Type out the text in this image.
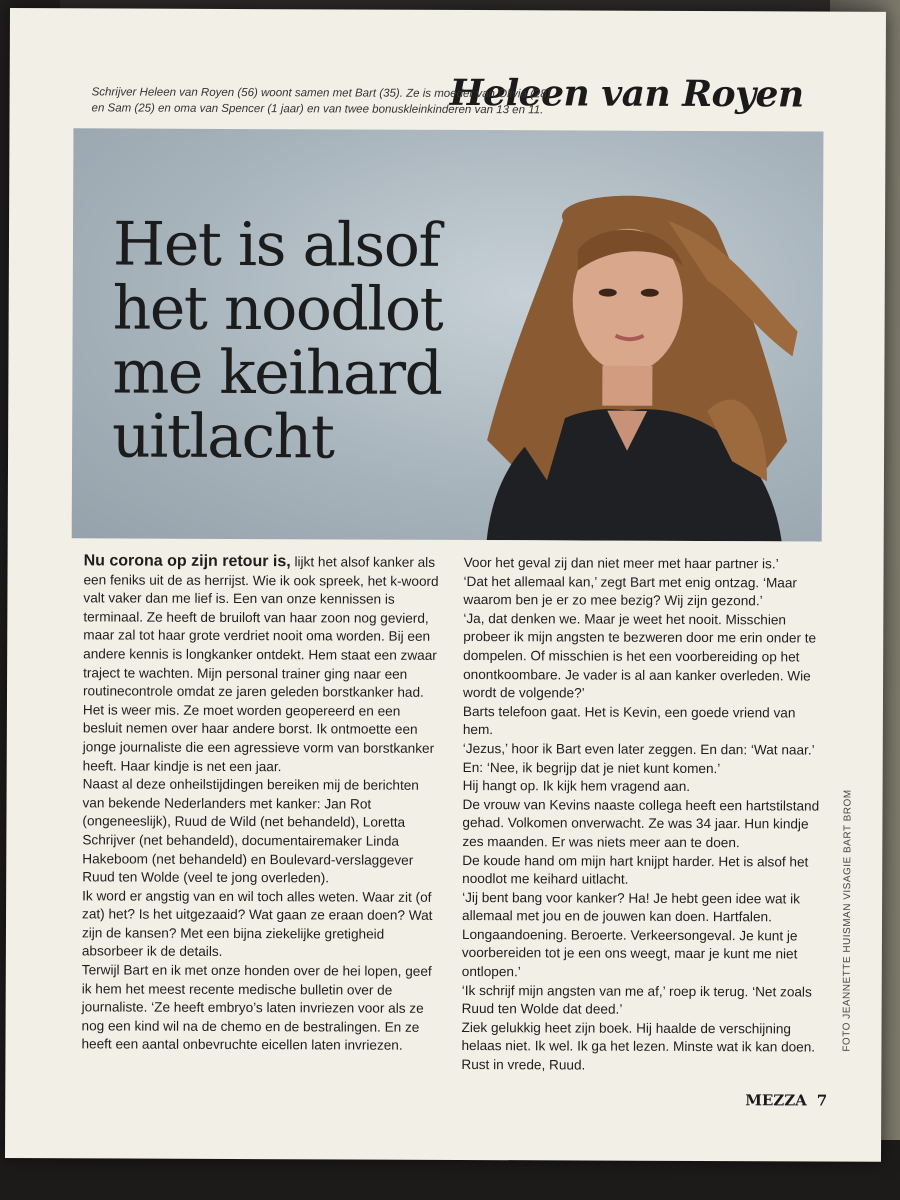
Heleen van Royen
Schrijver Heleen van Royen (56) woont samen met Bart (35). Ze is moeder van Olivia (28) en Sam (25) en oma van Spencer (1 jaar) en van twee bonuskleinkinderen van 13 en 11.
Het is alsof het noodlot me keihard uitlacht

Nu corona op zijn retour is, lijkt het alsof kanker als een feniks uit de as herrijst. Wie ik ook spreek, het k-woord valt vaker dan me lief is. Een van onze kennissen is terminaal. Ze heeft de bruiloft van haar zoon nog gevierd, maar zal tot haar grote verdriet nooit oma worden. Bij een andere kennis is longkanker ontdekt. Hem staat een zwaar traject te wachten. Mijn personal trainer ging naar een routinecontrole omdat ze jaren geleden borstkanker had. Het is weer mis. Ze moet worden geopereerd en een besluit nemen over haar andere borst. Ik ontmoette een jonge journaliste die een agressieve vorm van borstkanker heeft. Haar kindje is net een jaar.

Naast al deze onheilstijdingen bereiken mij de berichten van bekende Nederlanders met kanker: Jan Rot (ongeneeslijk), Ruud de Wild (net behandeld), Loretta Schrijver (net behandeld), documentairemaker Linda Hakeboom (net behandeld) en Boulevard-verslaggever Ruud ten Wolde (veel te jong overleden).

Ik word er angstig van en wil toch alles weten. Waar zit (of zat) het? Is het uitgezaaid? Wat gaan ze eraan doen? Wat zijn de kansen? Met een bijna ziekelijke gretigheid absorbeer ik de details.

Terwijl Bart en ik met onze honden over de hei lopen, geef ik hem het meest recente medische bulletin over de journaliste. ‘Ze heeft embryo’s laten invriezen voor als ze nog een kind wil na de chemo en de bestralingen. En ze heeft een aantal onbevruchte eicellen laten invriezen.

Voor het geval zij dan niet meer met haar partner is.’

‘Dat het allemaal kan,’ zegt Bart met enig ontzag. ‘Maar waarom ben je er zo mee bezig? Wij zijn gezond.’

‘Ja, dat denken we. Maar je weet het nooit. Misschien probeer ik mijn angsten te bezweren door me erin onder te dompelen. Of misschien is het een voorbereiding op het onontkoombare. Je vader is al aan kanker overleden. Wie wordt de volgende?’

Barts telefoon gaat. Het is Kevin, een goede vriend van hem.

‘Jezus,’ hoor ik Bart even later zeggen. En dan: ‘Wat naar.’ En: ‘Nee, ik begrijp dat je niet kunt komen.’

Hij hangt op. Ik kijk hem vragend aan.

De vrouw van Kevins naaste collega heeft een hartstilstand gehad. Volkomen onverwacht. Ze was 34 jaar. Hun kindje zes maanden. Er was niets meer aan te doen.

De koude hand om mijn hart knijpt harder. Het is alsof het noodlot me keihard uitlacht.

‘Jij bent bang voor kanker? Ha! Je hebt geen idee wat ik allemaal met jou en de jouwen kan doen. Hartfalen. Longaandoening. Beroerte. Verkeersongeval. Je kunt je voorbereiden tot je een ons weegt, maar je kunt me niet ontlopen.’

‘Ik schrijf mijn angsten van me af,’ roep ik terug. ‘Net zoals Ruud ten Wolde dat deed.’

Ziek gelukkig heet zijn boek. Hij haalde de verschijning helaas niet. Ik wel. Ik ga het lezen. Minste wat ik kan doen. Rust in vrede, Ruud.

FOTO JEANNETTE HUISMAN VISAGIE BART BROM
MEZZA 7
